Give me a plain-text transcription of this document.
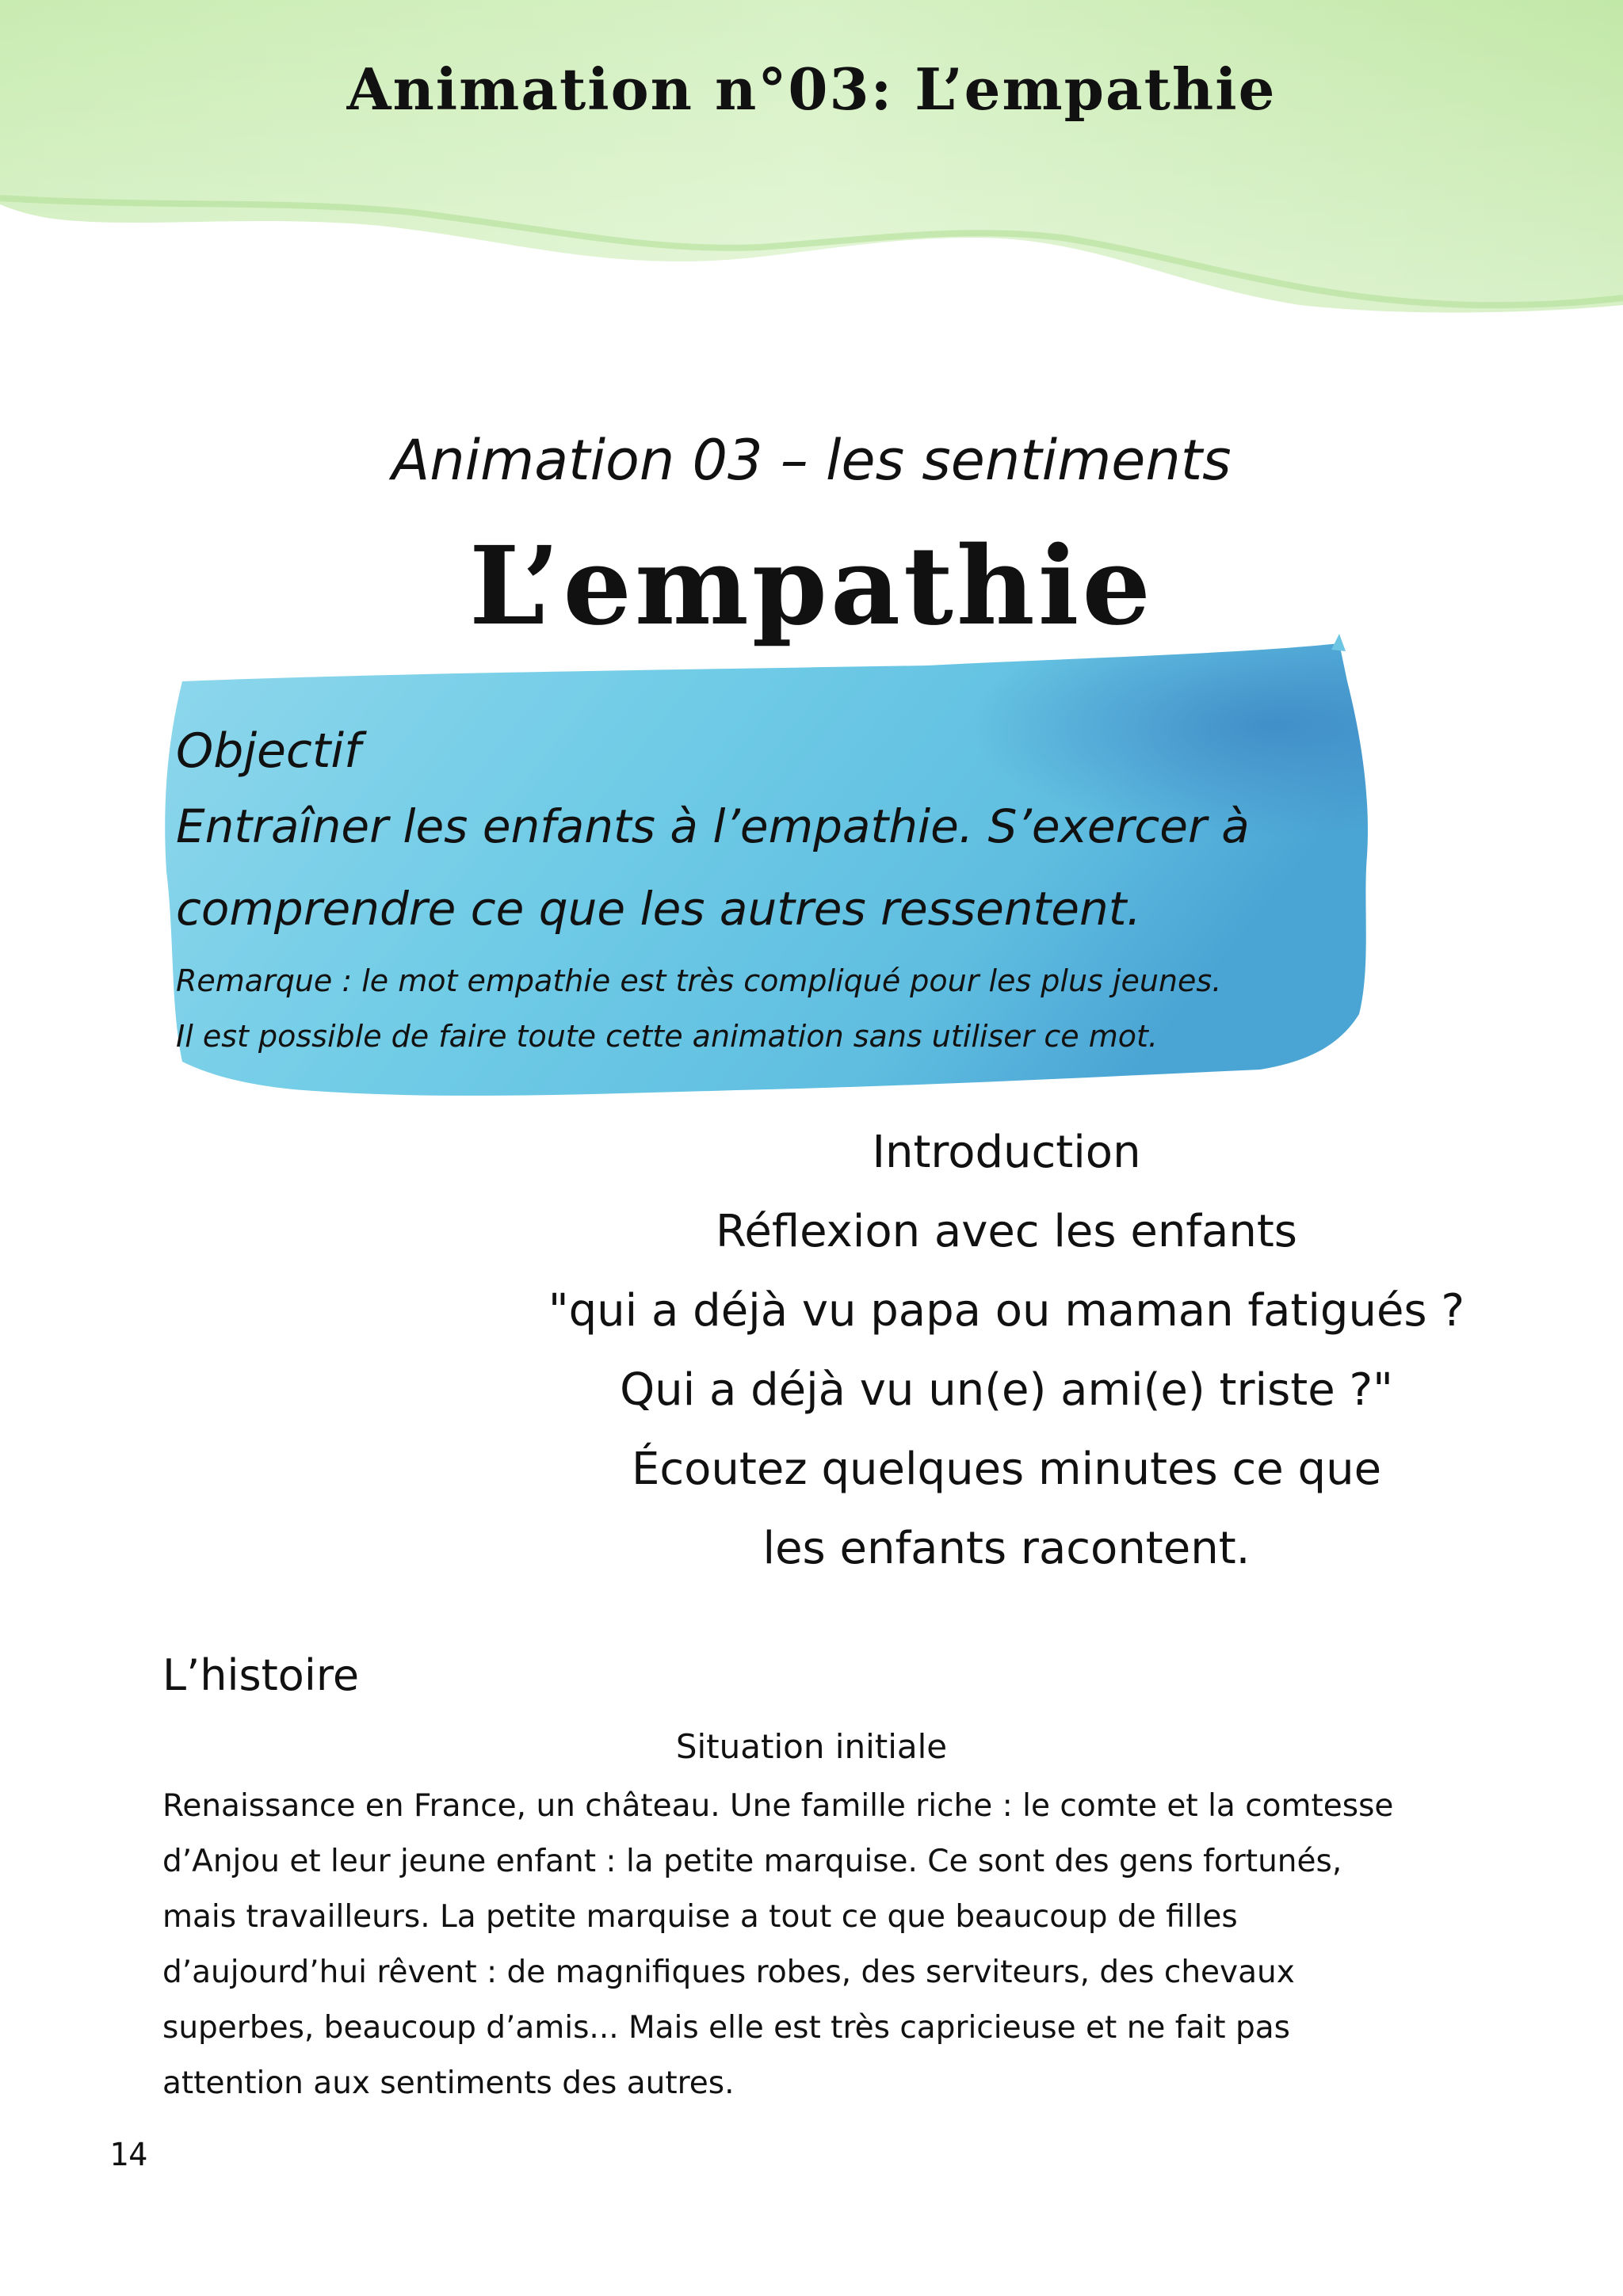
Animation n°03: L’empathie
Animation 03 – les sentiments
L’empathie

Objectif

Entraîner les enfants à l’empathie. S’exercer à

comprendre ce que les autres ressentent.

Remarque : le mot empathie est très compliqué pour les plus jeunes.

Il est possible de faire toute cette animation sans utiliser ce mot.

Introduction

Réflexion avec les enfants

"qui a déjà vu papa ou maman fatigués ?

Qui a déjà vu un(e) ami(e) triste ?"

Écoutez quelques minutes ce que

les enfants racontent.

L’histoire

Situation initiale
Renaissance en France, un château. Une famille riche : le comte et la comtesse
d’Anjou et leur jeune enfant : la petite marquise. Ce sont des gens fortunés,
mais travailleurs. La petite marquise a tout ce que beaucoup de filles
d’aujourd’hui rêvent : de magnifiques robes, des serviteurs, des chevaux
superbes, beaucoup d’amis... Mais elle est très capricieuse et ne fait pas
attention aux sentiments des autres.
14
